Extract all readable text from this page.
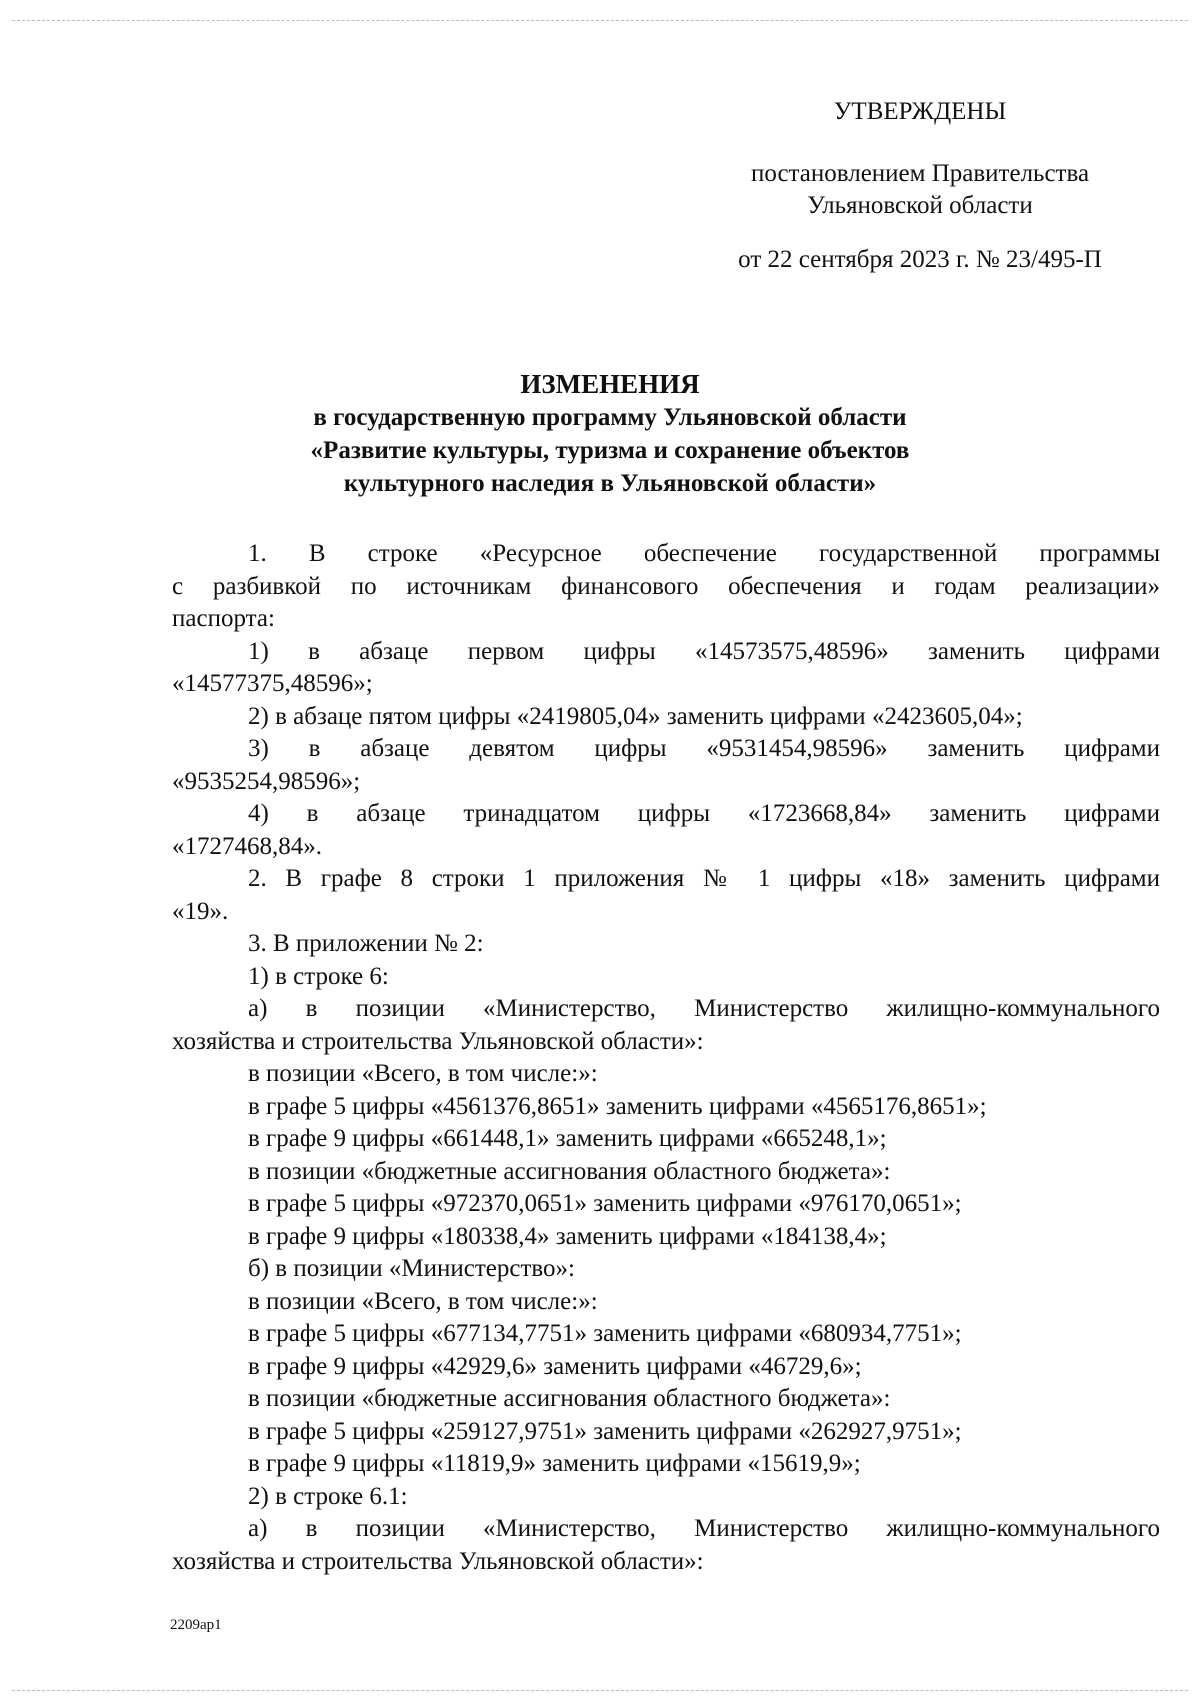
УТВЕРЖДЕНЫ
постановлением Правительства
Ульяновской области
от 22 сентября 2023 г. № 23/495-П
ИЗМЕНЕНИЯ
в государственную программу Ульяновской области
«Развитие культуры, туризма и сохранение объектов
культурного наследия в Ульяновской области»
1. В строке «Ресурсное обеспечение государственной программы
с разбивкой по источникам финансового обеспечения и годам реализации»
паспорта:
1) в абзаце первом цифры «14573575,48596» заменить цифрами
«14577375,48596»;
2) в абзаце пятом цифры «2419805,04» заменить цифрами «2423605,04»;
3) в абзаце девятом цифры «9531454,98596» заменить цифрами
«9535254,98596»;
4) в абзаце тринадцатом цифры «1723668,84» заменить цифрами
«1727468,84».
2. В графе 8 строки 1 приложения № 1 цифры «18» заменить цифрами
«19».
3. В приложении № 2:
1) в строке 6:
а) в позиции «Министерство, Министерство жилищно-коммунального
хозяйства и строительства Ульяновской области»:
в позиции «Всего, в том числе:»:
в графе 5 цифры «4561376,8651» заменить цифрами «4565176,8651»;
в графе 9 цифры «661448,1» заменить цифрами «665248,1»;
в позиции «бюджетные ассигнования областного бюджета»:
в графе 5 цифры «972370,0651» заменить цифрами «976170,0651»;
в графе 9 цифры «180338,4» заменить цифрами «184138,4»;
б) в позиции «Министерство»:
в позиции «Всего, в том числе:»:
в графе 5 цифры «677134,7751» заменить цифрами «680934,7751»;
в графе 9 цифры «42929,6» заменить цифрами «46729,6»;
в позиции «бюджетные ассигнования областного бюджета»:
в графе 5 цифры «259127,9751» заменить цифрами «262927,9751»;
в графе 9 цифры «11819,9» заменить цифрами «15619,9»;
2) в строке 6.1:
а) в позиции «Министерство, Министерство жилищно-коммунального
хозяйства и строительства Ульяновской области»:
2209ap1
